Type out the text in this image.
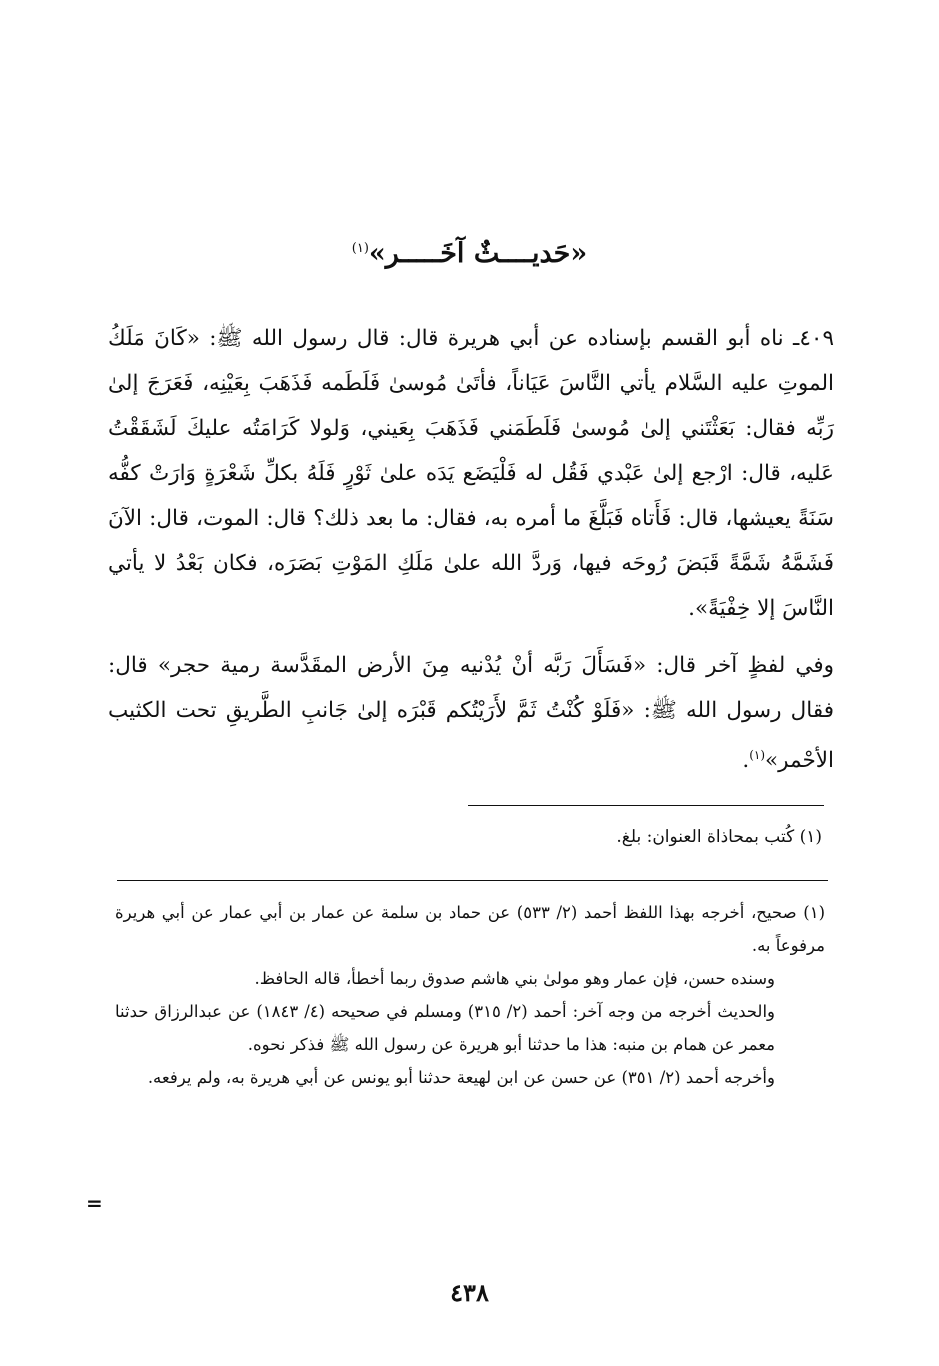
«حَديــــثٌ آخَـــــر»$^{(١)}$

٤٠٩ـ ناه أبو القسم بإسناده عن أبي هريرة قال: قال رسول الله ﷺ: «كَانَ مَلَكُ الموتِ عليه السَّلام يأتي النَّاسَ عَيَاناً، فأتَىٰ مُوسىٰ فَلَطَمه فَذَهَبَ بِعَيْنِه، فَعَرَجَ إلىٰ رَبِّه فقال: بَعَثْتَني إلىٰ مُوسىٰ فَلَطَمَني فَذَهَبَ بِعَيني، وَلولا كَرَامَتُه عليكَ لَشَقَقْتُ عَليه، قال: ارْجع إلىٰ عَبْدي فَقُل له فَلْيَضَع يَدَه علىٰ ثَوْرٍ فَلَهُ بكلِّ شَعْرَةٍ وَارَتْ كفُّه سَنَةً يعيشها، قال: فَأَتاه فَبَلَّغَ ما أمره به، فقال: ما بعد ذلك؟ قال: الموت، قال: الآنَ فَشَمَّهُ شَمَّةً قَبَضَ رُوحَه فيها، وَردَّ الله علىٰ مَلَكِ المَوْتِ بَصَرَه، فكان بَعْدُ لا يأتي النَّاسَ إلا خِفْيَةً».

وفي لفظٍ آخر قال: «فَسَأَلَ رَبَّه أنْ يُدْنيه مِنَ الأرض المقَدَّسة رمية حجر» قال: فقال رسول الله ﷺ: «فَلَوْ كُنْتُ ثَمَّ لأَرَيْتُكم قَبْرَه إلىٰ جَانبِ الطَّريقِ تحت الكثيب الأحْمر»$^{(١)}$.

(١) كُتب بمحاذاة العنوان: بلغ.

(١) صحيح، أخرجه بهذا اللفظ أحمد (٢/ ٥٣٣) عن حماد بن سلمة عن عمار بن أبي عمار عن أبي هريرة مرفوعاً به.

وسنده حسن، فإن عمار وهو مولىٰ بني هاشم صدوق ربما أخطأ، قاله الحافظ.

والحديث أخرجه من وجه آخر: أحمد (٢/ ٣١٥) ومسلم في صحيحه (٤/ ١٨٤٣) عن عبدالرزاق حدثنا معمر عن همام بن منبه: هذا ما حدثنا أبو هريرة عن رسول الله ﷺ فذكر نحوه.

وأخرجه أحمد (٢/ ٣٥١) عن حسن عن ابن لهيعة حدثنا أبو يونس عن أبي هريرة به، ولم يرفعه.

=
٤٣٨
